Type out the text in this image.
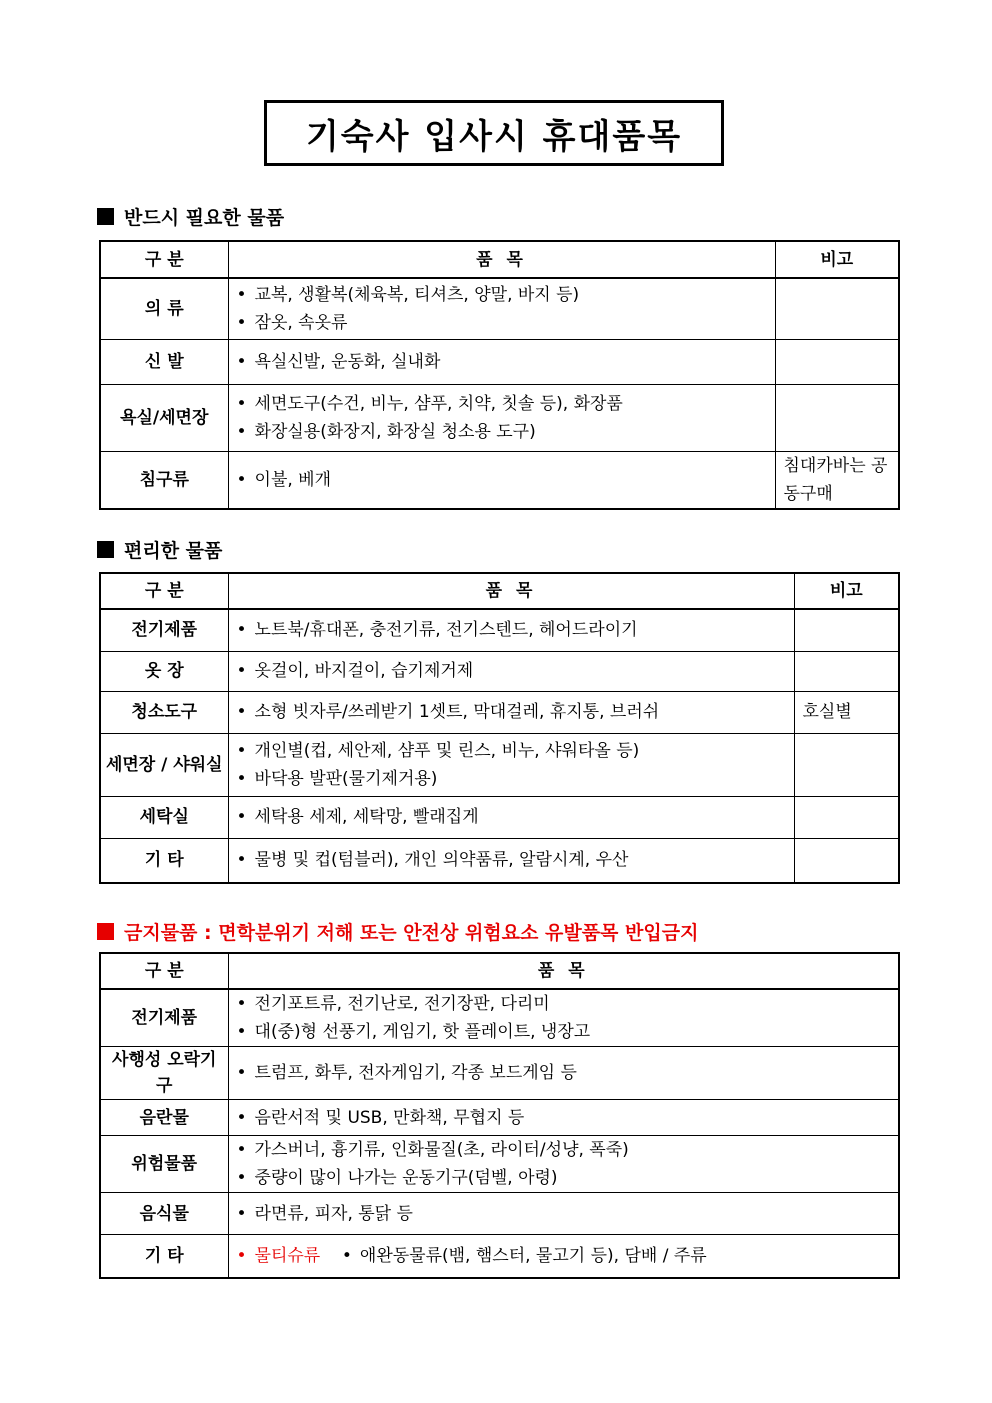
기숙사 입사시 휴대품목
반드시 필요한 물품
구 분	품 목	비고
의 류	• 교복, 생활복(체육복, 티셔츠, 양말, 바지 등)
• 잠옷, 속옷류

신 발	• 욕실신발, 운동화, 실내화

욕실/세면장	• 세면도구(수건, 비누, 샴푸, 치약, 칫솔 등), 화장품
• 화장실용(화장지, 화장실 청소용 도구)

침구류	• 이불, 베개	침대카바는 공동구매
편리한 물품
구 분	품 목	비고
전기제품	• 노트북/휴대폰, 충전기류, 전기스텐드, 헤어드라이기

옷 장	• 옷걸이, 바지걸이, 습기제거제

청소도구	• 소형 빗자루/쓰레받기 1셋트, 막대걸레, 휴지통, 브러쉬	호실별
세면장 / 샤워실	• 개인별(컵, 세안제, 샴푸 및 린스, 비누, 샤워타올 등)
• 바닥용 발판(물기제거용)

세탁실	• 세탁용 세제, 세탁망, 빨래집게

기 타	• 물병 및 컵(텀블러), 개인 의약품류, 알람시계, 우산

금지물품 : 면학분위기 저해 또는 안전상 위험요소 유발품목 반입금지
구 분	품 목
전기제품	• 전기포트류, 전기난로, 전기장판, 다리미
• 대(중)형 선풍기, 게임기, 핫 플레이트, 냉장고

사행성 오락기구	• 트럼프, 화투, 전자게임기, 각종 보드게임 등

음란물	• 음란서적 및 USB, 만화책, 무협지 등

위험물품	• 가스버너, 흉기류, 인화물질(초, 라이터/성냥, 폭죽)
• 중량이 많이 나가는 운동기구(덤벨, 아령)

음식물	• 라면류, 피자, 통닭 등

기 타	• 물티슈류 • 애완동물류(뱀, 햄스터, 물고기 등), 담배 / 주류
